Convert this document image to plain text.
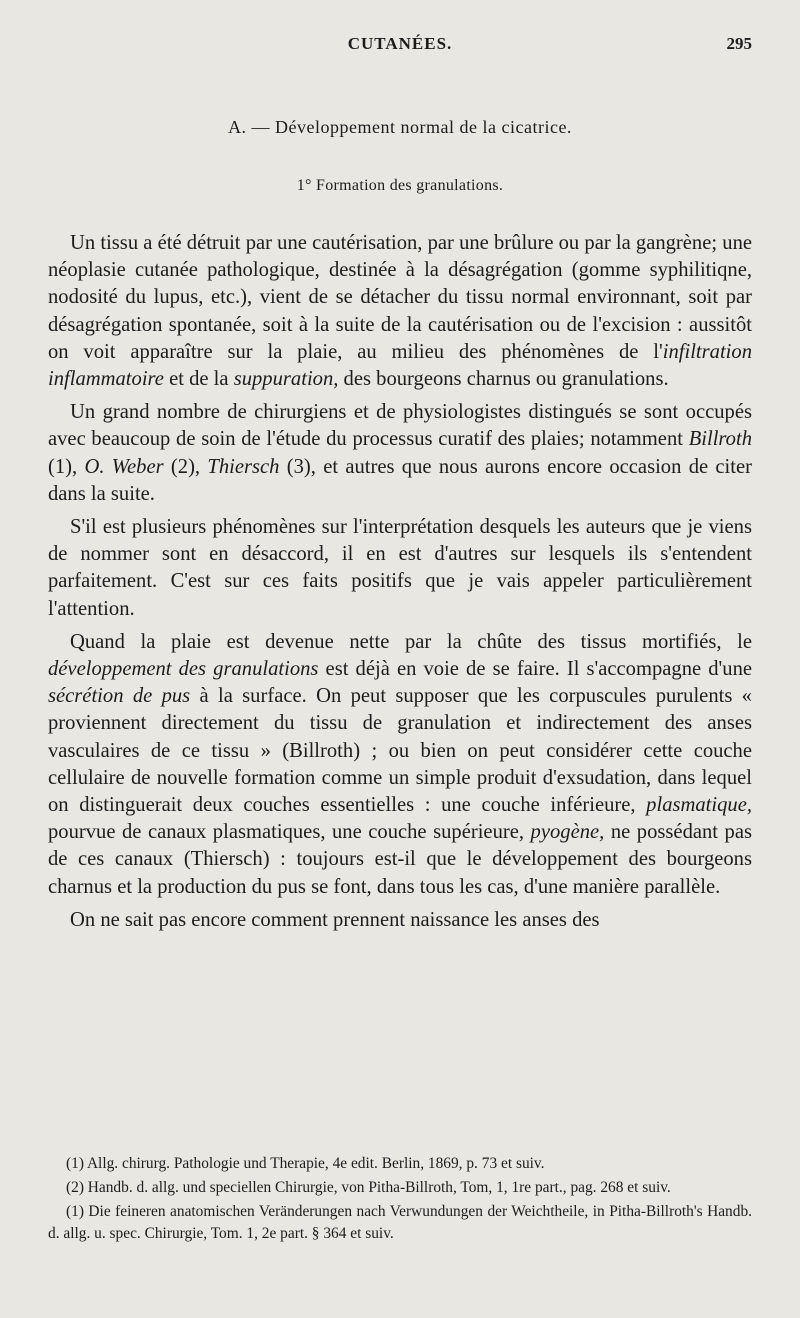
CUTANÉES.	295
A. — Développement normal de la cicatrice.
1° Formation des granulations.

Un tissu a été détruit par une cautérisation, par une brûlure ou par la gangrène; une néoplasie cutanée pathologique, destinée à la désagrégation (gomme syphilitiqne, nodosité du lupus, etc.), vient de se détacher du tissu normal environnant, soit par désagrégation spontanée, soit à la suite de la cautérisation ou de l'excision : aussitôt on voit apparaître sur la plaie, au milieu des phénomènes de l'infiltration inflammatoire et de la suppuration, des bourgeons charnus ou granulations.

Un grand nombre de chirurgiens et de physiologistes distingués se sont occupés avec beaucoup de soin de l'étude du processus curatif des plaies; notamment Billroth (1), O. Weber (2), Thiersch (3), et autres que nous aurons encore occasion de citer dans la suite.

S'il est plusieurs phénomènes sur l'interprétation desquels les auteurs que je viens de nommer sont en désaccord, il en est d'autres sur lesquels ils s'entendent parfaitement. C'est sur ces faits positifs que je vais appeler particulièrement l'attention.

Quand la plaie est devenue nette par la chûte des tissus mortifiés, le développement des granulations est déjà en voie de se faire. Il s'accompagne d'une sécrétion de pus à la surface. On peut supposer que les corpuscules purulents « proviennent directement du tissu de granulation et indirectement des anses vasculaires de ce tissu » (Billroth) ; ou bien on peut considérer cette couche cellulaire de nouvelle formation comme un simple produit d'exsudation, dans lequel on distinguerait deux couches essentielles : une couche inférieure, plasmatique, pourvue de canaux plasmatiques, une couche supérieure, pyogène, ne possédant pas de ces canaux (Thiersch) : toujours est-il que le développement des bourgeons charnus et la production du pus se font, dans tous les cas, d'une manière parallèle.

On ne sait pas encore comment prennent naissance les anses des

(1) Allg. chirurg. Pathologie und Therapie, 4e edit. Berlin, 1869, p. 73 et suiv.

(2) Handb. d. allg. und speciellen Chirurgie, von Pitha-Billroth, Tom, 1, 1re part., pag. 268 et suiv.

(1) Die feineren anatomischen Veränderungen nach Verwundungen der Weichtheile, in Pitha-Billroth's Handb. d. allg. u. spec. Chirurgie, Tom. 1, 2e part. § 364 et suiv.
